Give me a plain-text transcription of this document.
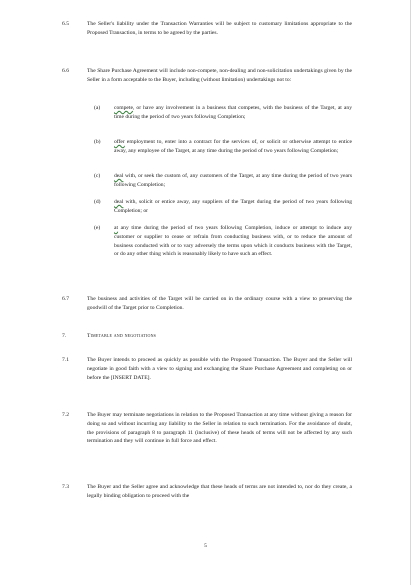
6.5	The Seller's liability under the Transaction Warranties will be subject to customary limitations appropriate to the Proposed Transaction, in terms to be agreed by the parties.
6.6	The Share Purchase Agreement will include non-compete, non-dealing and non-solicitation undertakings given by the Seller in a form acceptable to the Buyer, including (without limitation) undertakings not to:
(a)	compete, or have any involvement in a business that competes, with the business of the Target, at any time during the period of two years following Completion;
(b)	offer employment to, enter into a contract for the services of, or solicit or otherwise attempt to entice away, any employee of the Target, at any time during the period of two years following Completion;
(c)	deal with, or seek the custom of, any customers of the Target, at any time during the period of two years following Completion;
(d)	deal with, solicit or entice away, any suppliers of the Target during the period of two years following Completion; or
(e)	at any time during the period of two years following Completion, induce or attempt to induce any customer or supplier to cease or refrain from conducting business with, or to reduce the amount of business conducted with or to vary adversely the terms upon which it conducts business with the Target, or do any other thing which is reasonably likely to have such an effect.
6.7	The business and activities of the Target will be carried on in the ordinary course with a view to preserving the goodwill of the Target prior to Completion.
7.	Timetable and negotiations
7.1	The Buyer intends to proceed as quickly as possible with the Proposed Transaction. The Buyer and the Seller will negotiate in good faith with a view to signing and exchanging the Share Purchase Agreement and completing on or before the [INSERT DATE].
7.2	The Buyer may terminate negotiations in relation to the Proposed Transaction at any time without giving a reason for doing so and without incurring any liability to the Seller in relation to such termination. For the avoidance of doubt, the provisions of paragraph 8 to paragraph 11 (inclusive) of these heads of terms will not be affected by any such termination and they will continue in full force and effect.
7.3	The Buyer and the Seller agree and acknowledge that these heads of terms are not intended to, nor do they create, a legally binding obligation to proceed with the
5
